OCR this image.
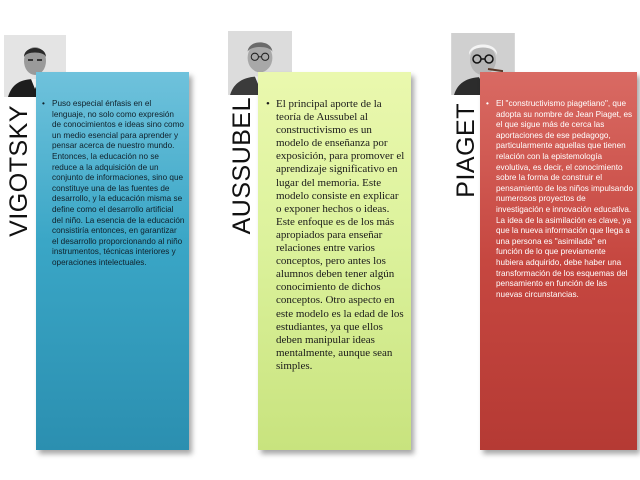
VIGOTSKY

• Puso especial énfasis en el lenguaje, no solo como expresión de conocimientos e ideas sino como un medio esencial para aprender y pensar acerca de nuestro mundo. Entonces, la educación no se reduce a la adquisición de un conjunto de informaciones, sino que constituye una de las fuentes de desarrollo, y la educación misma se define como el desarrollo artificial del niño. La esencia de la educación consistiría entonces, en garantizar el desarrollo proporcionando al niño instrumentos, técnicas interiores y operaciones intelectuales.

AUSSUBEL • El principal aporte de la teoría de Aussubel al constructivismo es un modelo de enseñanza por exposición, para promover el aprendizaje significativo en lugar del memoria. Este modelo consiste en explicar o exponer hechos o ideas. Este enfoque es de los más apropiados para enseñar relaciones entre varios conceptos, pero antes los alumnos deben tener algún conocimiento de dichos conceptos. Otro aspecto en este modelo es la edad de los estudiantes, ya que ellos deben manipular ideas mentalmente, aunque sean simples.

PIAGET • El "constructivismo piagetiano", que adopta su nombre de Jean Piaget, es el que sigue más de cerca las aportaciones de ese pedagogo, particularmente aquellas que tienen relación con la epistemología evolutiva, es decir, el conocimiento sobre la forma de construir el pensamiento de los niños impulsando numerosos proyectos de investigación e innovación educativa. La idea de la asimilación es clave, ya que la nueva información que llega a una persona es "asimilada" en función de lo que previamente hubiera adquirido, debe haber una transformación de los esquemas del pensamiento en función de las nuevas circunstancias.
